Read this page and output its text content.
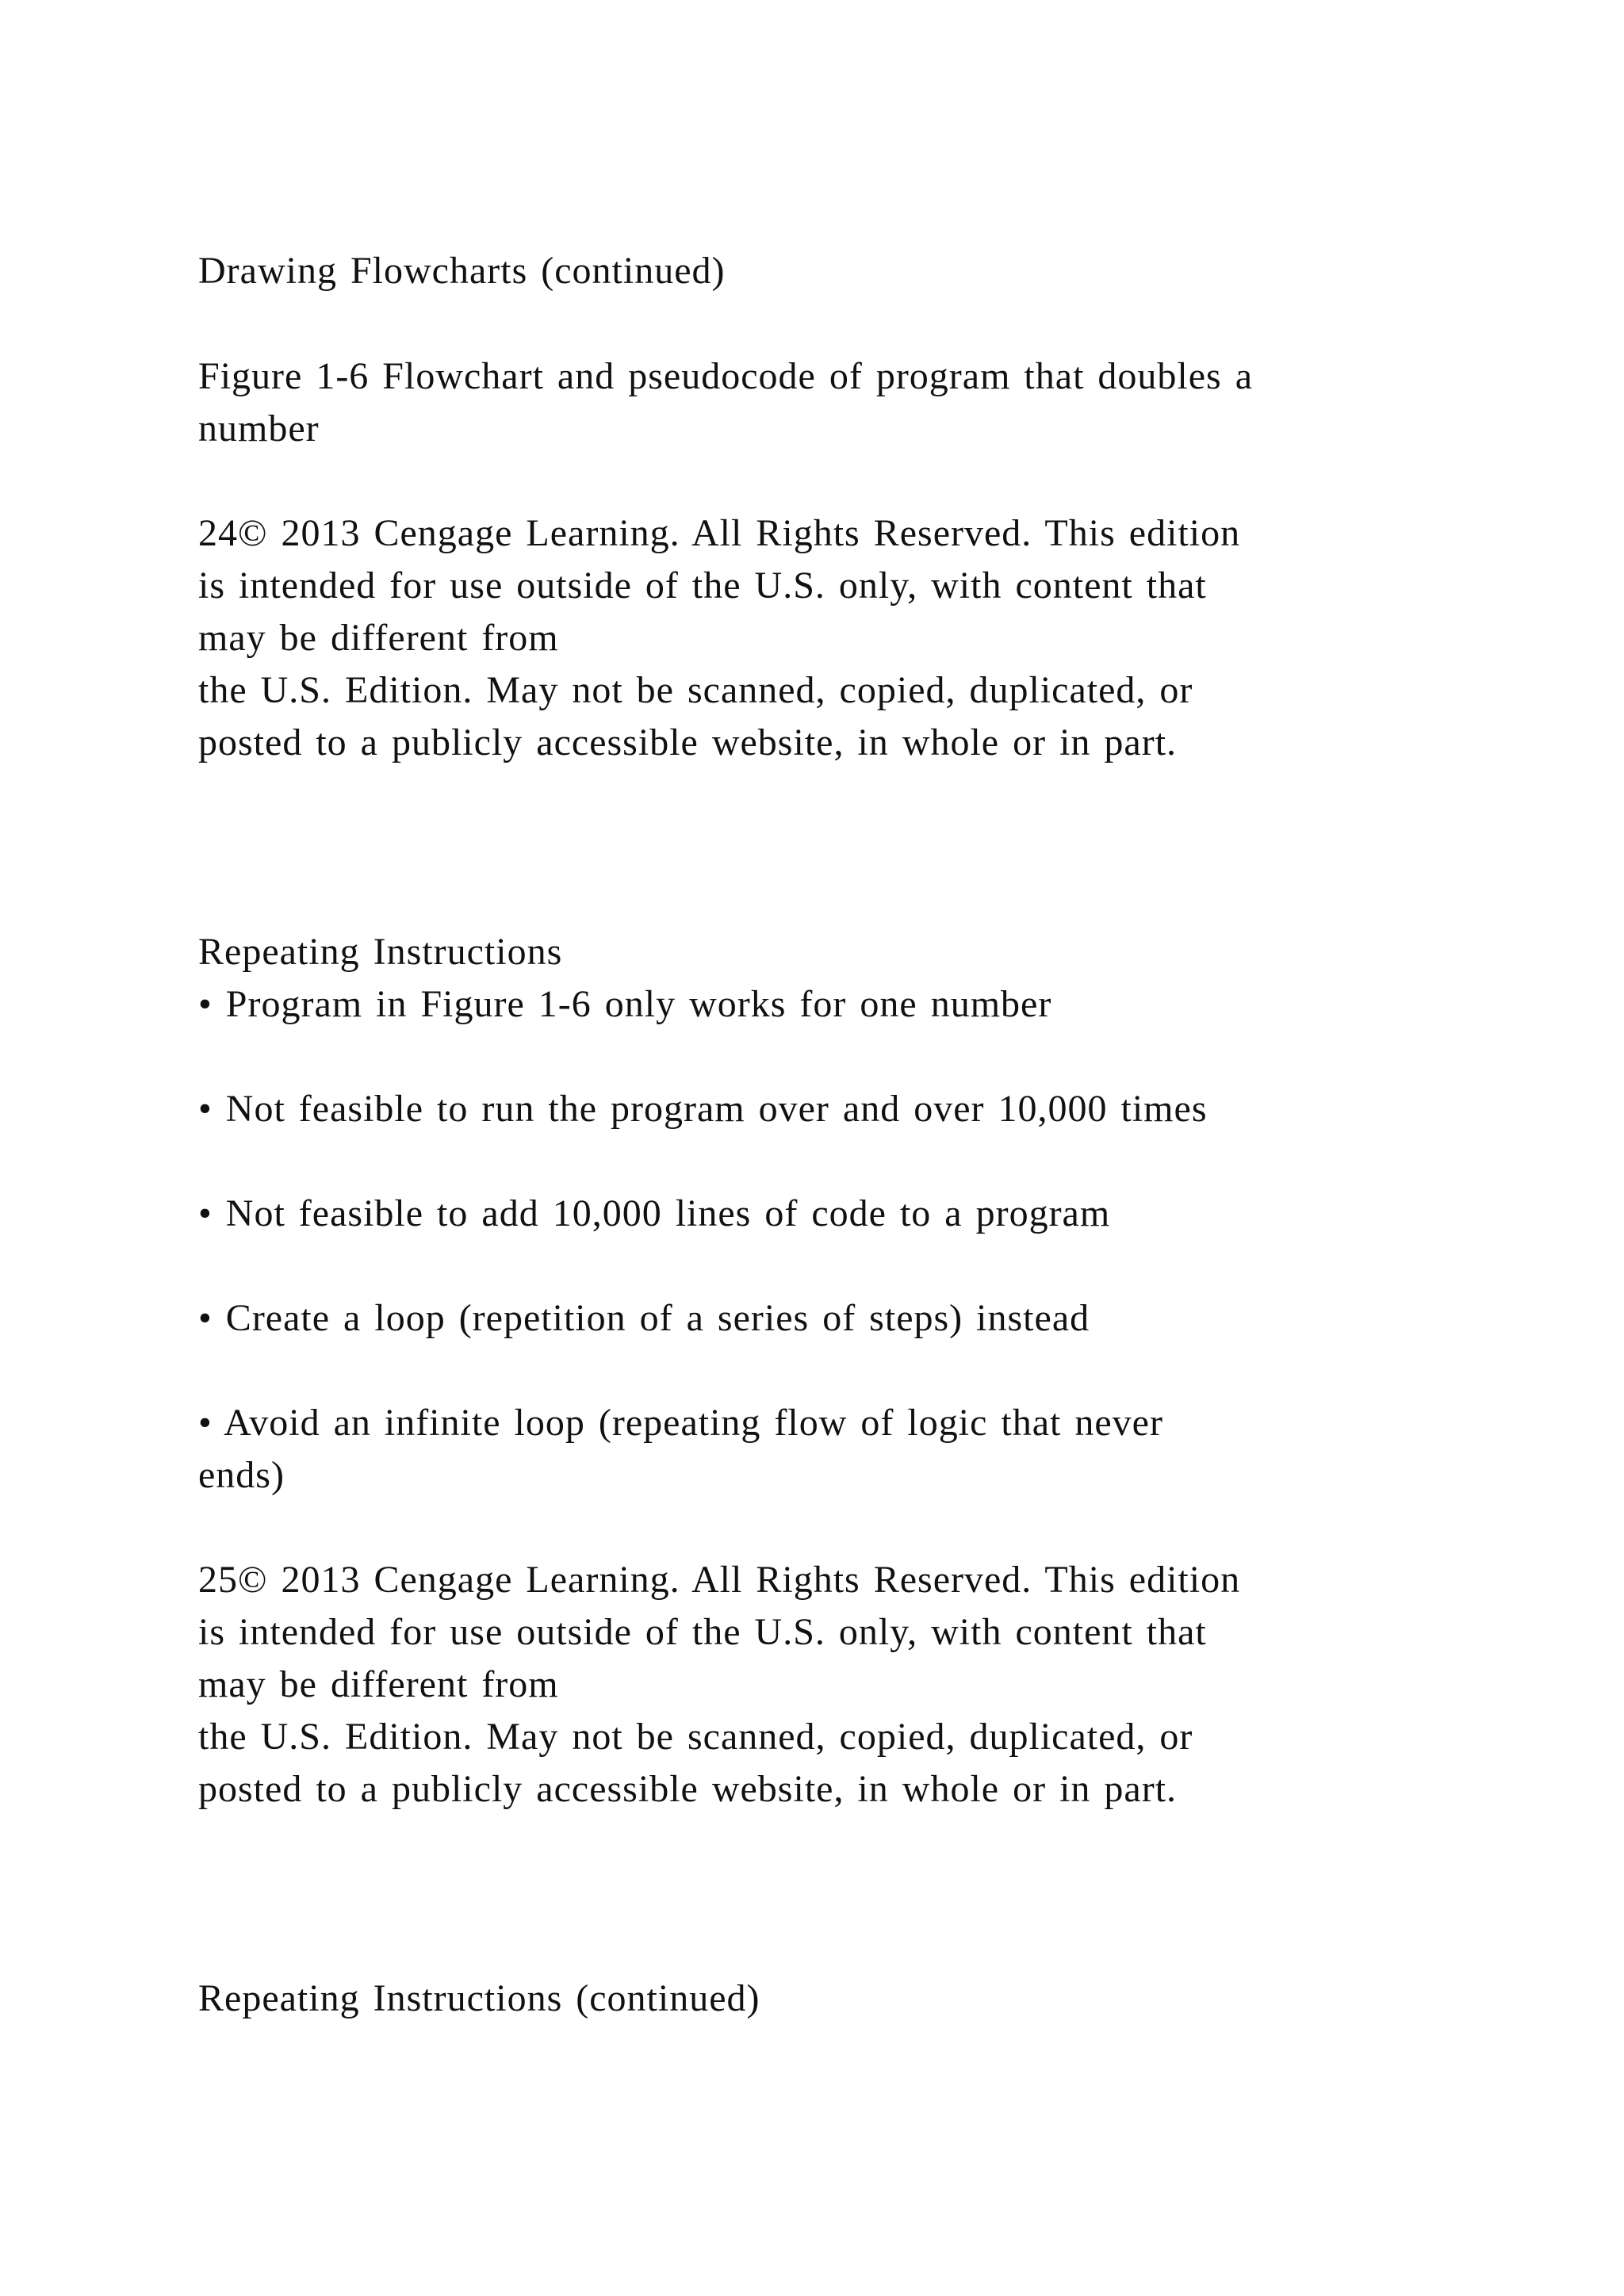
Drawing Flowcharts (continued)
Figure 1-6 Flowchart and pseudocode of program that doubles a
number
24© 2013 Cengage Learning. All Rights Reserved. This edition
is intended for use outside of the U.S. only, with content that
may be different from
the U.S. Edition. May not be scanned, copied, duplicated, or
posted to a publicly accessible website, in whole or in part.
Repeating Instructions
• Program in Figure 1-6 only works for one number
• Not feasible to run the program over and over 10,000 times
• Not feasible to add 10,000 lines of code to a program
• Create a loop (repetition of a series of steps) instead
• Avoid an infinite loop (repeating flow of logic that never
ends)
25© 2013 Cengage Learning. All Rights Reserved. This edition
is intended for use outside of the U.S. only, with content that
may be different from
the U.S. Edition. May not be scanned, copied, duplicated, or
posted to a publicly accessible website, in whole or in part.
Repeating Instructions (continued)
